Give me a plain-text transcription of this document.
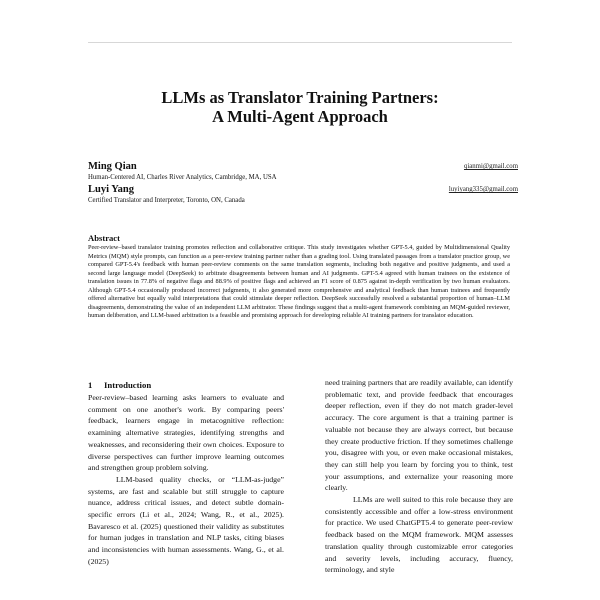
LLMs as Translator Training Partners:
A Multi-Agent Approach
Ming Qian
Human-Centered AI, Charles River Analytics, Cambridge, MA, USA
qianmi@gmail.com
Luyi Yang
Certified Translator and Interpreter, Toronto, ON, Canada
luyiyang335@gmail.com
Abstract

Peer-review–based translator training promotes reflection and collaborative critique. This study investigates whether GPT-5.4, guided by Multidimensional Quality Metrics (MQM) style prompts, can function as a peer-review training partner rather than a grading tool. Using translated passages from a translator practice group, we compared GPT-5.4's feedback with human peer-review comments on the same translation segments, including both negative and positive judgments, and used a second large language model (DeepSeek) to arbitrate disagreements between human and AI judgments. GPT-5.4 agreed with human trainees on the existence of translation issues in 77.8% of negative flags and 88.9% of positive flags and achieved an F1 score of 0.875 against in-depth verification by two human evaluators. Although GPT-5.4 occasionally produced incorrect judgments, it also generated more comprehensive and analytical feedback than human trainees and frequently offered alternative but equally valid interpretations that could stimulate deeper reflection. DeepSeek successfully resolved a substantial proportion of human–LLM disagreements, demonstrating the value of an independent LLM arbitrator. These findings suggest that a multi-agent framework combining an MQM-guided reviewer, human deliberation, and LLM-based arbitration is a feasible and promising approach for developing reliable AI training partners for translator education.

1 Introduction

Peer-review–based learning asks learners to evaluate and comment on one another's work. By comparing peers' feedback, learners engage in metacognitive reflection: examining alternative strategies, identifying strengths and weaknesses, and reconsidering their own choices. Exposure to diverse perspectives can further improve learning outcomes and strengthen group problem solving.

LLM-based quality checks, or “LLM-as-judge” systems, are fast and scalable but still struggle to capture nuance, address critical issues, and detect subtle domain-specific errors (Li et al., 2024; Wang, R., et al., 2025). Bavaresco et al. (2025) questioned their validity as substitutes for human judges in translation and NLP tasks, citing biases and inconsistencies with human assessments. Wang, G., et al. (2025)

need training partners that are readily available, can identify problematic text, and provide feedback that encourages deeper reflection, even if they do not match grader-level accuracy. The core argument is that a training partner is valuable not because they are always correct, but because they create productive friction. If they sometimes challenge you, disagree with you, or even make occasional mistakes, they can still help you learn by forcing you to think, test your assumptions, and externalize your reasoning more clearly.

LLMs are well suited to this role because they are consistently accessible and offer a low-stress environment for practice. We used ChatGPT5.4 to generate peer-review feedback based on the MQM framework. MQM assesses translation quality through customizable error categories and severity levels, including accuracy, fluency, terminology, and style
